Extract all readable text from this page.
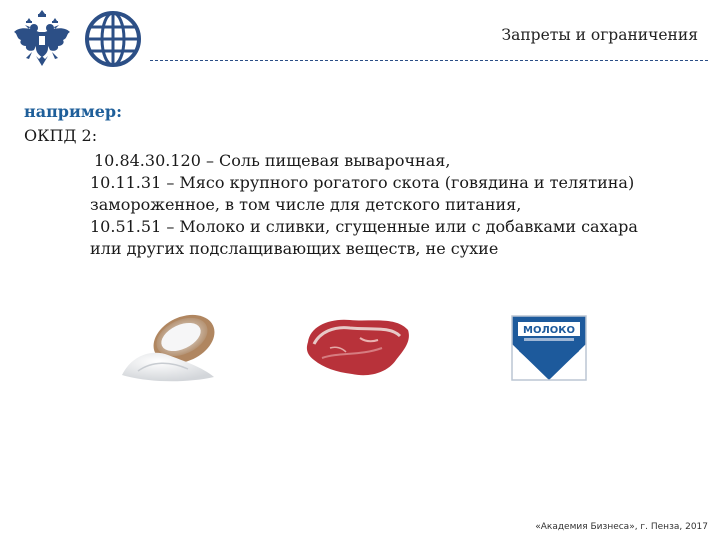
Запреты и ограничения
например:
ОКПД 2:
10.84.30.120 – Соль пищевая выварочная,
10.11.31 – Мясо крупного рогатого скота (говядина и телятина)
замороженное, в том числе для детского питания,
10.51.51 – Молоко и сливки, сгущенные или с добавками сахара
или других подслащивающих веществ, не сухие
МОЛОКО
«Академия Бизнеса», г. Пенза, 2017
